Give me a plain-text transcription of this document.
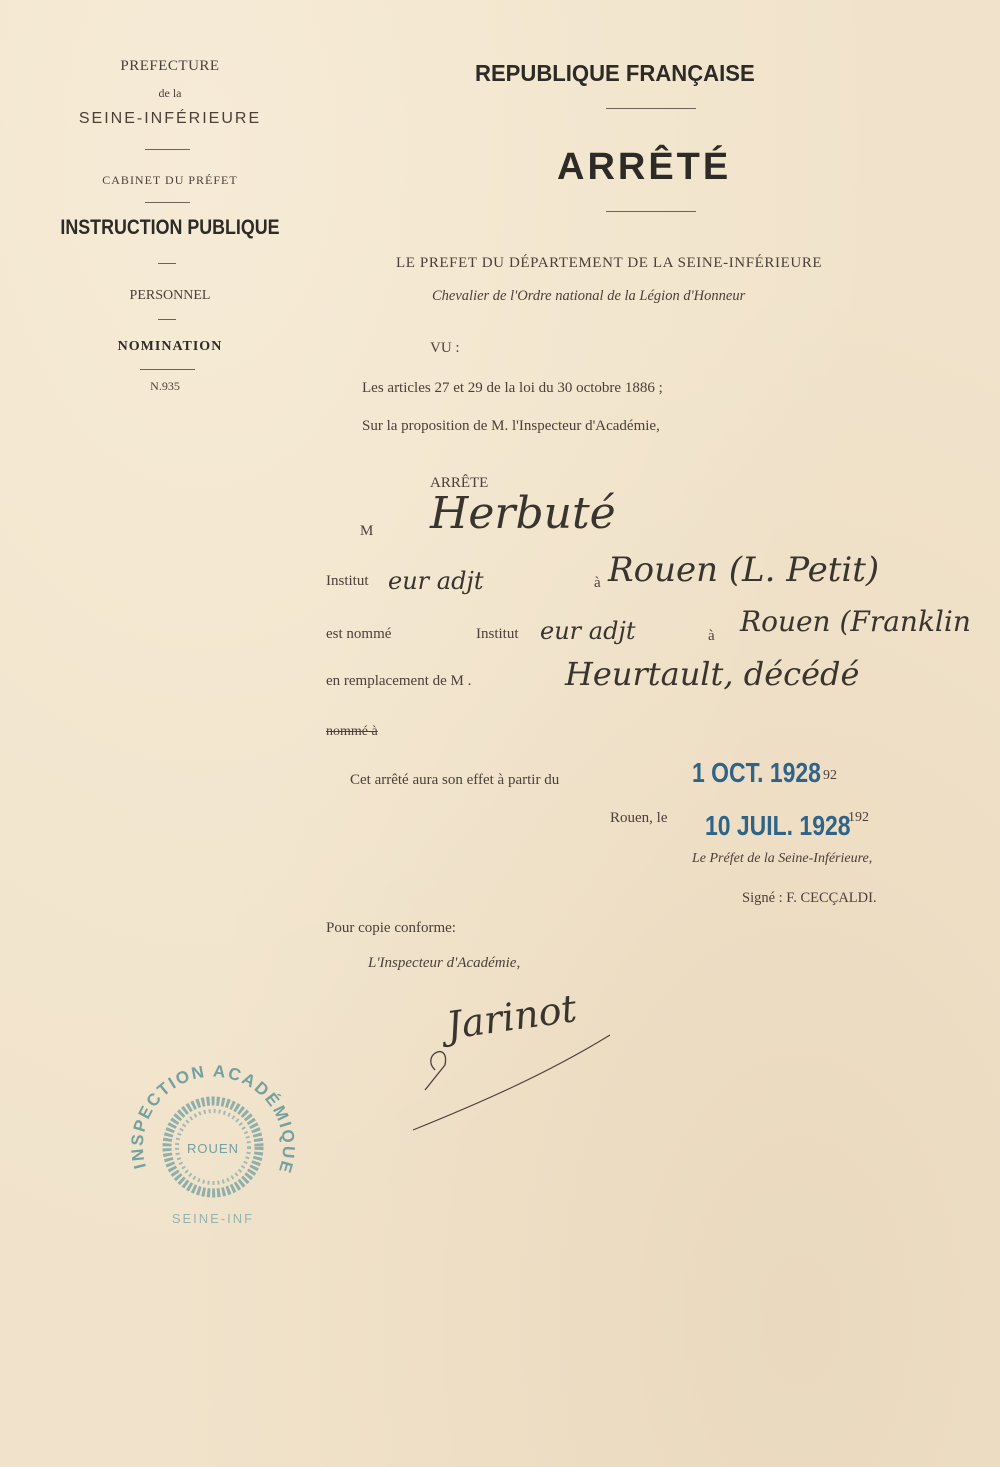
PREFECTURE
de la
SEINE-INFÉRIEURE
CABINET DU PRÉFET
INSTRUCTION PUBLIQUE
PERSONNEL
NOMINATION
N.935
REPUBLIQUE FRANÇAISE
ARRÊTÉ
LE PREFET DU DÉPARTEMENT DE LA SEINE-INFÉRIEURE
Chevalier de l'Ordre national de la Légion d'Honneur
VU :
Les articles 27 et 29 de la loi du 30 octobre 1886 ;
Sur la proposition de M. l'Inspecteur d'Académie,
ARRÊTE
M Herbuté
Institut eur adjt	à Rouen (L. Petit)
est nommé	Institut eur adjt	à Rouen (Franklin
en remplacement de M .	Heurtault, décédé
nommé à
Cet arrêté aura son effet à partir du	1 OCT. 1928 92
Rouen, le 10 JUIL. 1928
192
Le Préfet de la Seine-Inférieure,
Signé : F. CECÇALDI.
Pour copie conforme:
L'Inspecteur d'Académie,
Jarinot
INSPECTION ACADÉMIQUE
ROUEN
SEINE-INF
